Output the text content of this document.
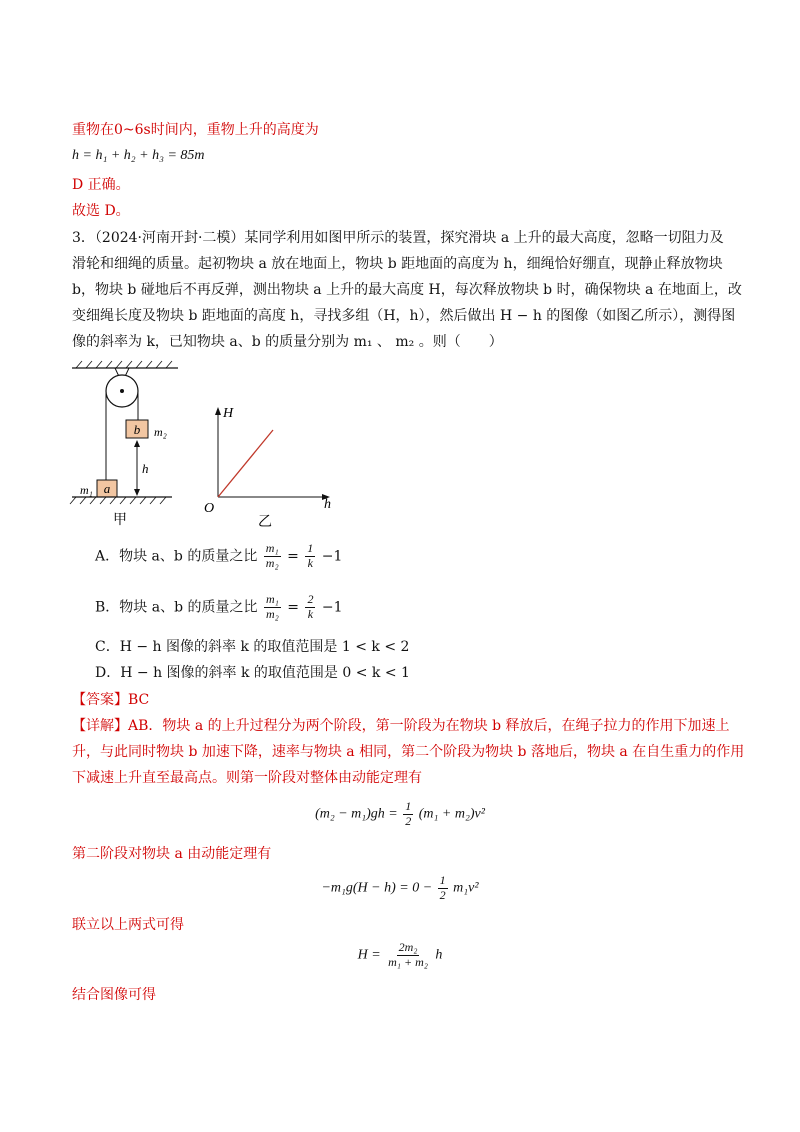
重物在0~6s时间内，重物上升的高度为
h = h₁ + h₂ + h₃ = 85m
D 正确。
故选 D。
3．（2024·河南开封·二模）某同学利用如图甲所示的装置，探究滑块 a 上升的最大高度，忽略一切阻力及
滑轮和细绳的质量。起初物块 a 放在地面上，物块 b 距地面的高度为 h，细绳恰好绷直，现静止释放物块
b，物块 b 碰地后不再反弹，测出物块 a 上升的最大高度 H，每次释放物块 b 时，确保物块 a 在地面上，改
变细绳长度及物块 b 距地面的高度 h，寻找多组（H，h），然后做出 H − h 的图像（如图乙所示），测得图
像的斜率为 k，已知物块 a、b 的质量分别为 m₁ 、 m₂ 。则（　　）
b m₂
h
a
m₁
甲
H
h
O
乙
A．物块 a、b 的质量之比 $\frac{\text{m₁}}{\text{m₂}} = \frac{1}{k} -1$
B．物块 a、b 的质量之比 $\frac{\text{m₁}}{\text{m₂}} = \frac{2}{k} -1$
C．H − h 图像的斜率 k 的取值范围是 1 < k < 2
D．H − h 图像的斜率 k 的取值范围是 0 < k < 1
【答案】BC
【详解】AB．物块 a 的上升过程分为两个阶段，第一阶段为在物块 b 释放后，在绳子拉力的作用下加速上
升，与此同时物块 b 加速下降，速率与物块 a 相同，第二个阶段为物块 b 落地后，物块 a 在自生重力的作用
下减速上升直至最高点。则第一阶段对整体由动能定理有
$(m_2 - m_1)gh = \frac{1}{2} (m_1 + m_2)v^2$
第二阶段对物块 a 由动能定理有
$-m_1g(H - h) = 0 - \frac{1}{2} m_1v^2$
联立以上两式可得
$H = \frac{\text{2m₂}}{\text{m₁ + m₂}}$ h
结合图像可得
